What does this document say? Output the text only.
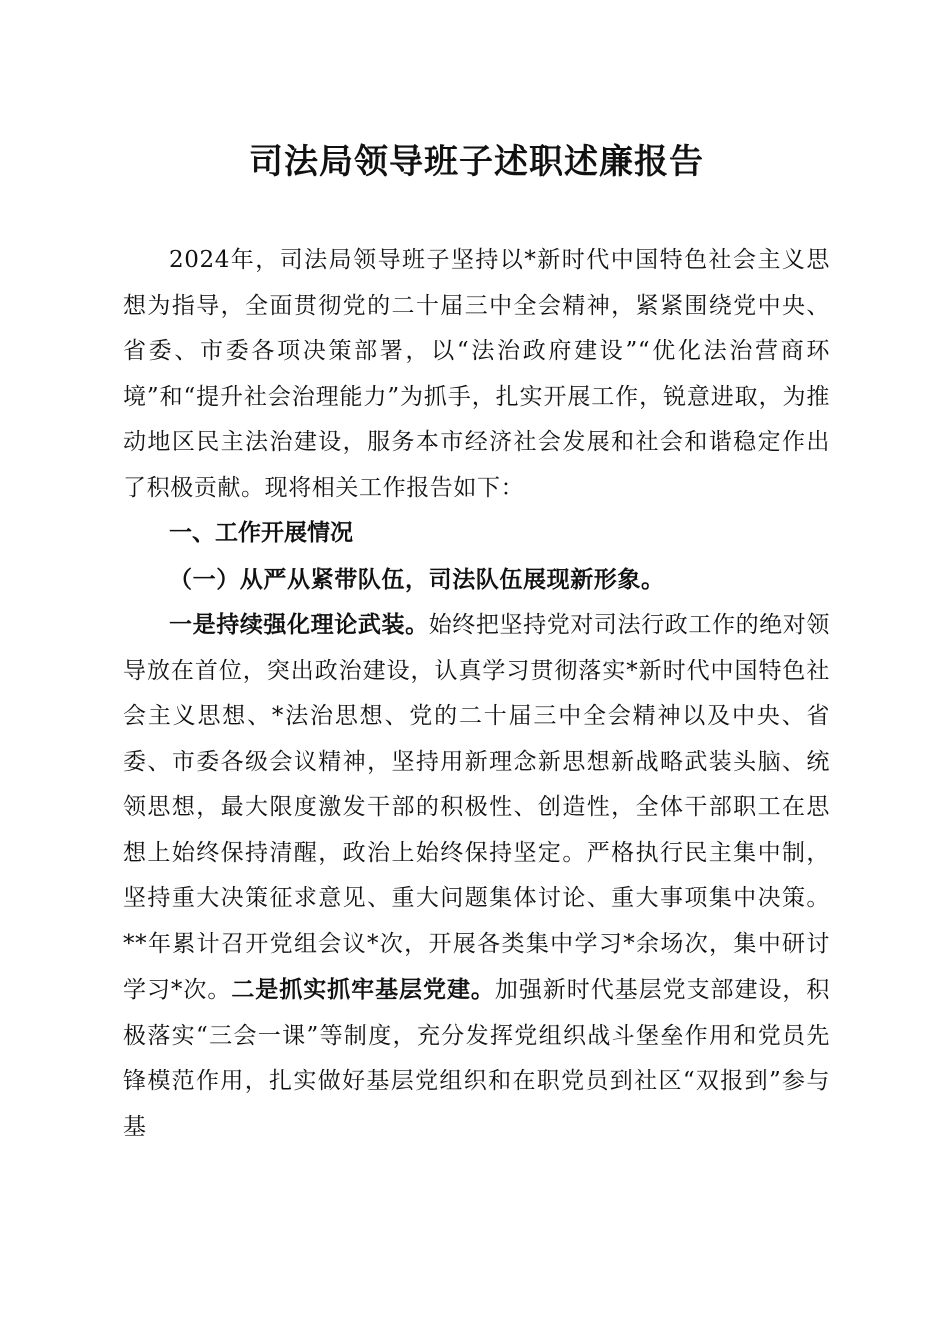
司法局领导班子述职述廉报告

2024年，司法局领导班子坚持以*新时代中国特色社会主义思想为指导，全面贯彻党的二十届三中全会精神，紧紧围绕党中央、省委、市委各项决策部署，以“法治政府建设”“优化法治营商环境”和“提升社会治理能力”为抓手，扎实开展工作，锐意进取，为推动地区民主法治建设，服务本市经济社会发展和社会和谐稳定作出了积极贡献。现将相关工作报告如下：

一、工作开展情况

（一）从严从紧带队伍，司法队伍展现新形象。

一是持续强化理论武装。始终把坚持党对司法行政工作的绝对领导放在首位，突出政治建设，认真学习贯彻落实*新时代中国特色社会主义思想、*法治思想、党的二十届三中全会精神以及中央、省委、市委各级会议精神，坚持用新理念新思想新战略武装头脑、统领思想，最大限度激发干部的积极性、创造性，全体干部职工在思想上始终保持清醒，政治上始终保持坚定。严格执行民主集中制，坚持重大决策征求意见、重大问题集体讨论、重大事项集中决策。**年累计召开党组会议*次，开展各类集中学习*余场次，集中研讨学习*次。二是抓实抓牢基层党建。加强新时代基层党支部建设，积极落实“三会一课”等制度，充分发挥党组织战斗堡垒作用和党员先锋模范作用，扎实做好基层党组织和在职党员到社区“双报到”参与基
